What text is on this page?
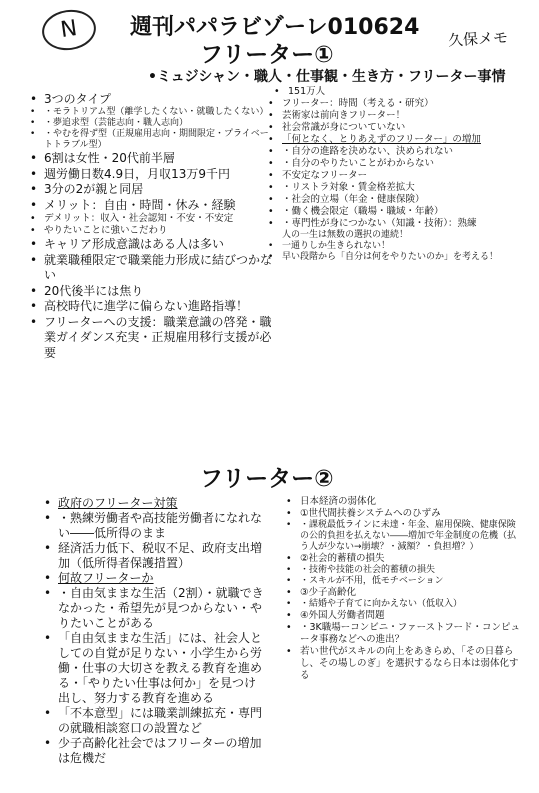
N	久保メモ
週刊パパラビゾーレ010624
フリーター①
•ミュジシャン・職人・仕事観・生き方・フリーター事情
• 3つのタイプ
• ・モラトリアム型（離学したくない・就職したくない）
• ・夢追求型（芸能志向・職人志向）
• ・やむを得ず型（正規雇用志向・期間限定・プライベートトラブル型）
• 6割は女性・20代前半層
• 週労働日数4.9日，月収13万9千円
• 3分の2が親と同居
• メリット：自由・時間・休み・経験
• デメリット：収入・社会認知・不安・不安定
• やりたいことに強いこだわり
• キャリア形成意識はある人は多い
• 就業職種限定で職業能力形成に結びつかない
• 20代後半には焦り
• 高校時代に進学に偏らない進路指導！
• フリーターへの支援：職業意識の啓発・職業ガイダンス充実・正規雇用移行支援が必要
• 151万人
• フリーター：時間（考える・研究）
• 芸術家は前向きフリーター！
• 社会常識が身についていない
• 「何となく、とりあえずのフリーター」の増加
• ・自分の進路を決めない、決められない
• ・自分のやりたいことがわからない
• 不安定なフリーター
• ・リストラ対象・賃金格差拡大
• ・社会的立場（年金・健康保険）
• ・働く機会限定（職場・職域・年齢）
• ・専門性が身につかない（知識・技術）：熟練
人の一生は無数の選択の連続！
• 一通りしか生きられない！
• 早い段階から「自分は何をやりたいのか」を考える！
フリーター②
• 政府のフリーター対策
• ・熟練労働者や高技能労働者になれない――低所得のまま
• 経済活力低下、税収不足、政府支出増加（低所得者保護措置）
• 何故フリーターか
• ・自由気ままな生活（2割）・就職できなかった・希望先が見つからない・やりたいことがある
• 「自由気ままな生活」には、社会人としての自覚が足りない・小学生から労働・仕事の大切さを教える教育を進める・「やりたい仕事は何か」を見つけ出し、努力する教育を進める
• 「不本意型」には職業訓練拡充・専門の就職相談窓口の設置など
• 少子高齢化社会ではフリーターの増加は危機だ
• 日本経済の弱体化
• ①世代間扶養システムへのひずみ
• ・課税最低ラインに未達・年金、雇用保険、健康保険の公的負担を払えない――増加で年金制度の危機（払う人が少ない→崩壊？・減額？・負担増？）
• ②社会的蓄積の損失
• ・技術や技能の社会的蓄積の損失
• ・スキルが不用，低モチベーション
• ③少子高齢化
• ・結婚や子育てに向かえない（低収入）
• ④外国人労働者問題
• ・3K職場ーコンビニ・ファーストフード・コンピュータ事務などへの進出？
• 若い世代がスキルの向上をあきらめ、「その日暮らし、その場しのぎ」を選択するなら日本は弱体化する
